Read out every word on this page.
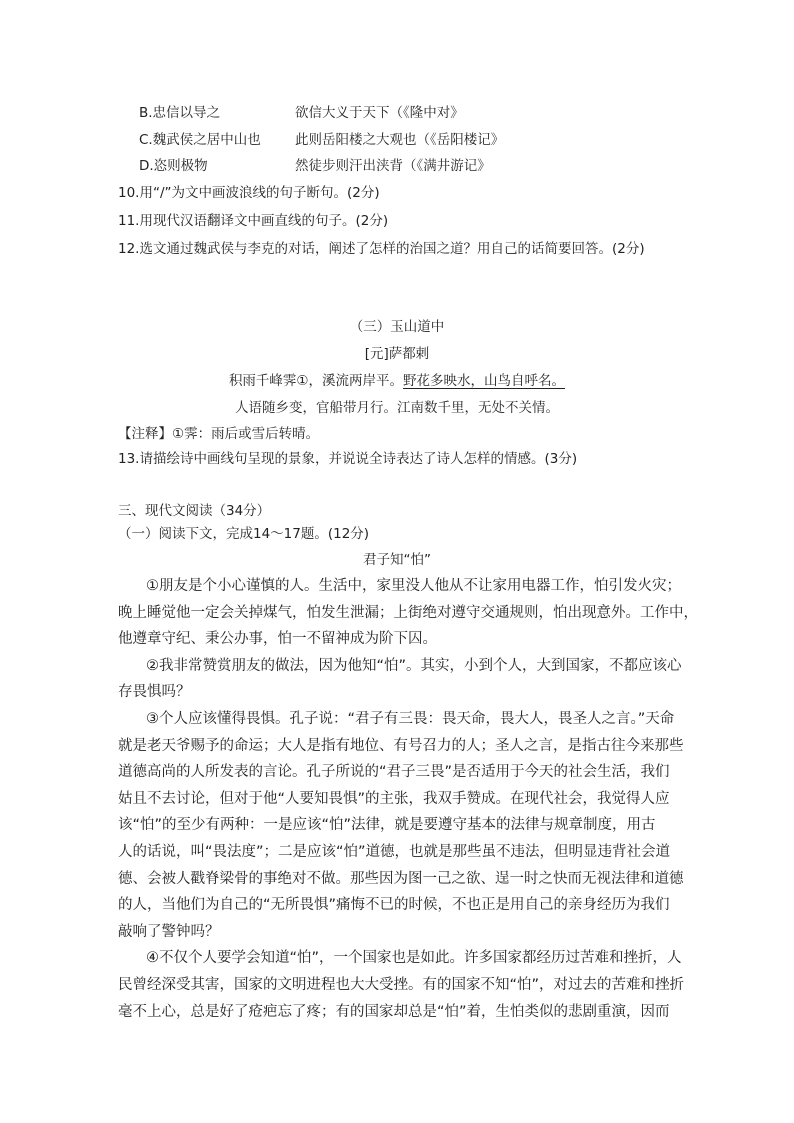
B.忠信以导之	欲信大义于天下（《隆中对》
C.魏武侯之居中山也	此则岳阳楼之大观也（《岳阳楼记》
D.恣则极物	然徒步则汗出浃背（《满井游记》
10.用“/”为文中画波浪线的句子断句。(2分)
11.用现代汉语翻译文中画直线的句子。(2分)
12.选文通过魏武侯与李克的对话，阐述了怎样的治国之道？用自己的话简要回答。(2分)
（三）玉山道中
[元]萨都剌
积雨千峰霁①，溪流两岸平。野花多映水，山鸟自呼名。
人语随乡变，官船带月行。江南数千里，无处不关情。
【注释】①霁：雨后或雪后转晴。
13.请描绘诗中画线句呈现的景象，并说说全诗表达了诗人怎样的情感。(3分)
三、现代文阅读（34分）
（一）阅读下文，完成14～17题。(12分)
君子知“怕”
①朋友是个小心谨慎的人。生活中，家里没人他从不让家用电器工作，怕引发火灾；
晚上睡觉他一定会关掉煤气，怕发生泄漏；上街绝对遵守交通规则，怕出现意外。工作中，
他遵章守纪、秉公办事，怕一不留神成为阶下囚。
②我非常赞赏朋友的做法，因为他知“怕”。其实，小到个人，大到国家，不都应该心
存畏惧吗？
③个人应该懂得畏惧。孔子说：“君子有三畏：畏天命，畏大人，畏圣人之言。”天命
就是老天爷赐予的命运；大人是指有地位、有号召力的人；圣人之言，是指古往今来那些
道德高尚的人所发表的言论。孔子所说的“君子三畏”是否适用于今天的社会生活，我们
姑且不去讨论，但对于他“人要知畏惧”的主张，我双手赞成。在现代社会，我觉得人应
该“怕”的至少有两种：一是应该“怕”法律，就是要遵守基本的法律与规章制度，用古
人的话说，叫“畏法度”；二是应该“怕”道德，也就是那些虽不违法，但明显违背社会道
德、会被人戳脊梁骨的事绝对不做。那些因为图一己之欲、逞一时之快而无视法律和道德
的人，当他们为自己的“无所畏惧”痛悔不已的时候，不也正是用自己的亲身经历为我们
敲响了警钟吗？
④不仅个人要学会知道“怕”，一个国家也是如此。许多国家都经历过苦难和挫折，人
民曾经深受其害，国家的文明进程也大大受挫。有的国家不知“怕”，对过去的苦难和挫折
毫不上心，总是好了疮疤忘了疼；有的国家却总是“怕”着，生怕类似的悲剧重演，因而
